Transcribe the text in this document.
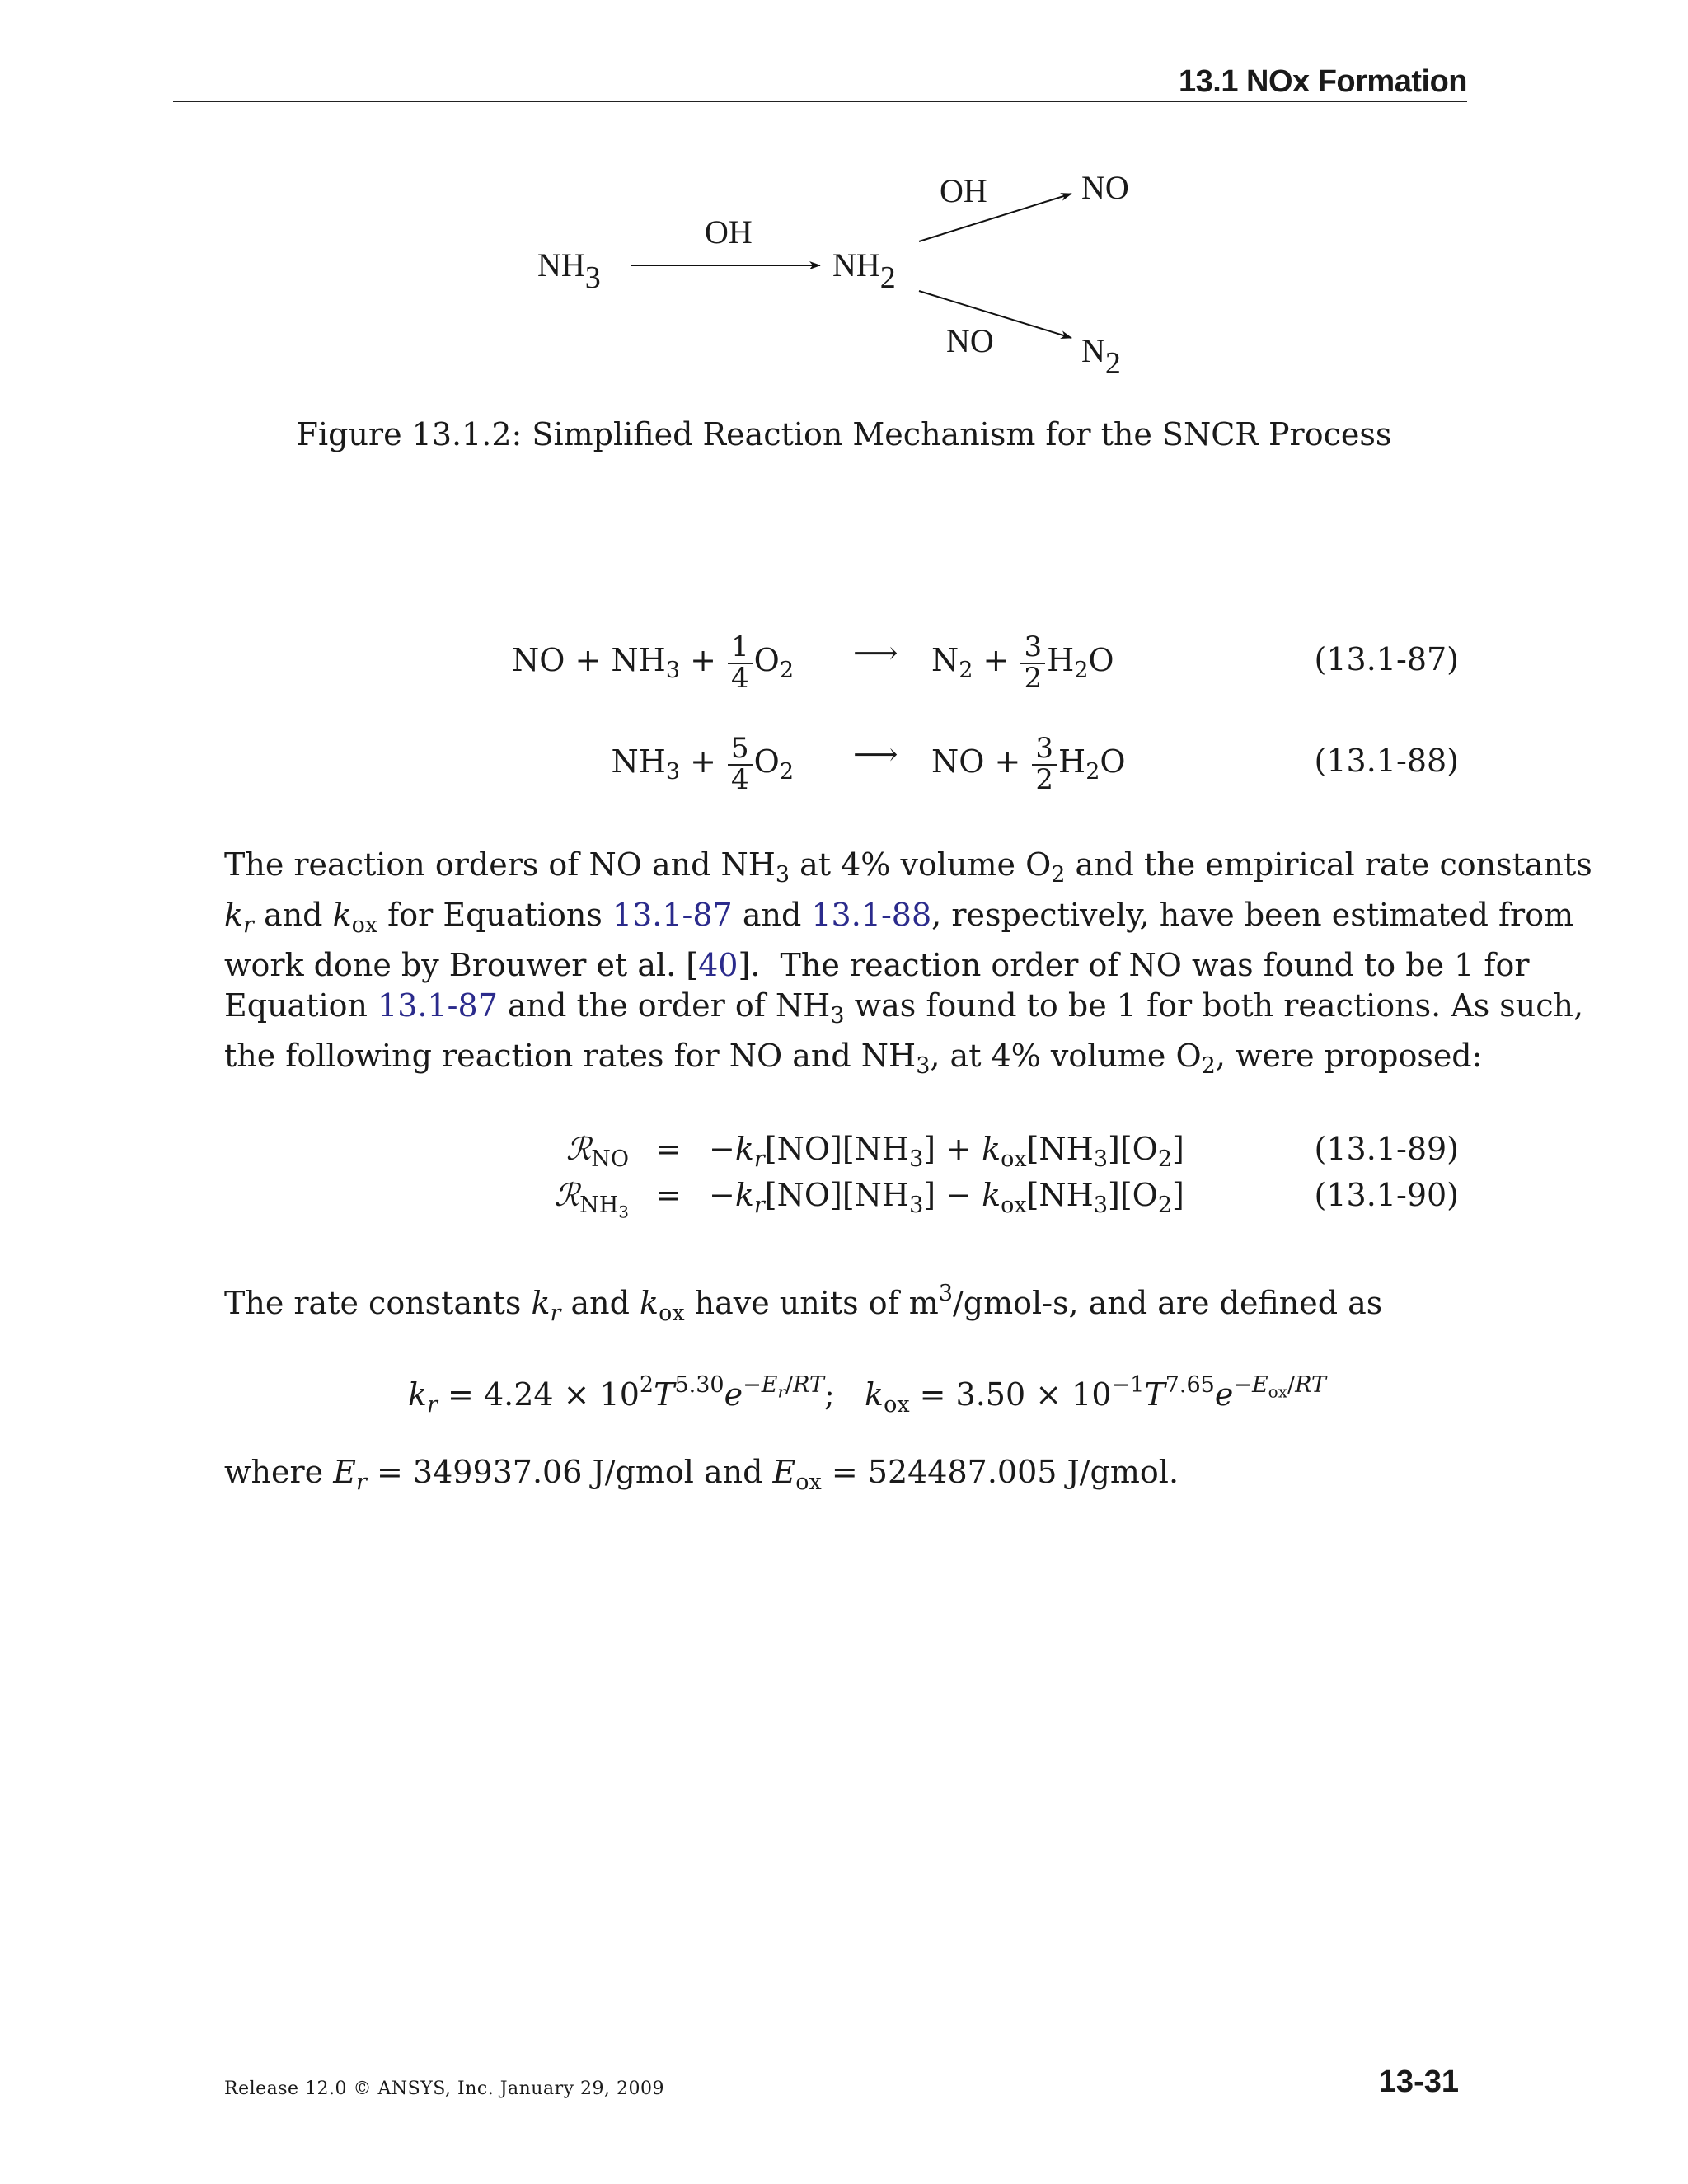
13.1 NOx Formation
$NH_3$
OH
$NH_2$
OH	NO
NO	$N_2$
Figure 13.1.2: Simplified Reaction Mechanism for the SNCR Process
NO + $NH_3 + \frac{1}{4} O_2$ ⟶ $N_2 + \frac{3}{2} H_2O$	(13.1-87)
$NH_3 + \frac{5}{4} O_2$ ⟶ NO + $\frac{3}{2} H_2O$	(13.1-88)
The reaction orders of NO and $NH_3$ at 4% volume $O_2$ and the empirical rate constants
$k_r$ and $k_{ox}$ for Equations 13.1-87 and 13.1-88, respectively, have been estimated from
work done by Brouwer et al. [40].  The reaction order of NO was found to be 1 for
Equation 13.1-87 and the order of $NH_3$ was found to be 1 for both reactions. As such,
the following reaction rates for NO and $NH_3$, at 4% volume $O_2$, were proposed:
ℛ$_{NO}$ = $-k_r[NO][NH_3] + k_{ox}[NH_3][O_2]$	(13.1-89)
ℛ$_{NH_3}$ = $-k_r[NO][NH_3] - k_{ox}[NH_3][O_2]$	(13.1-90)
The rate constants $k_r$ and $k_{ox}$ have units of $m^3/gmol-s$, and are defined as
$k_r = 4.24 \times 10^2T^{5.30}e^{-E_r/RT}$;   $k_{ox} = 3.50 \times 10^{-1}T^{7.65}e^{-E_{ox}/RT}$
where $E_r = 349937.06$ J/gmol and $E_{ox} = 524487.005$ J/gmol.
Release 12.0 © ANSYS, Inc. January 29, 2009	13-31
